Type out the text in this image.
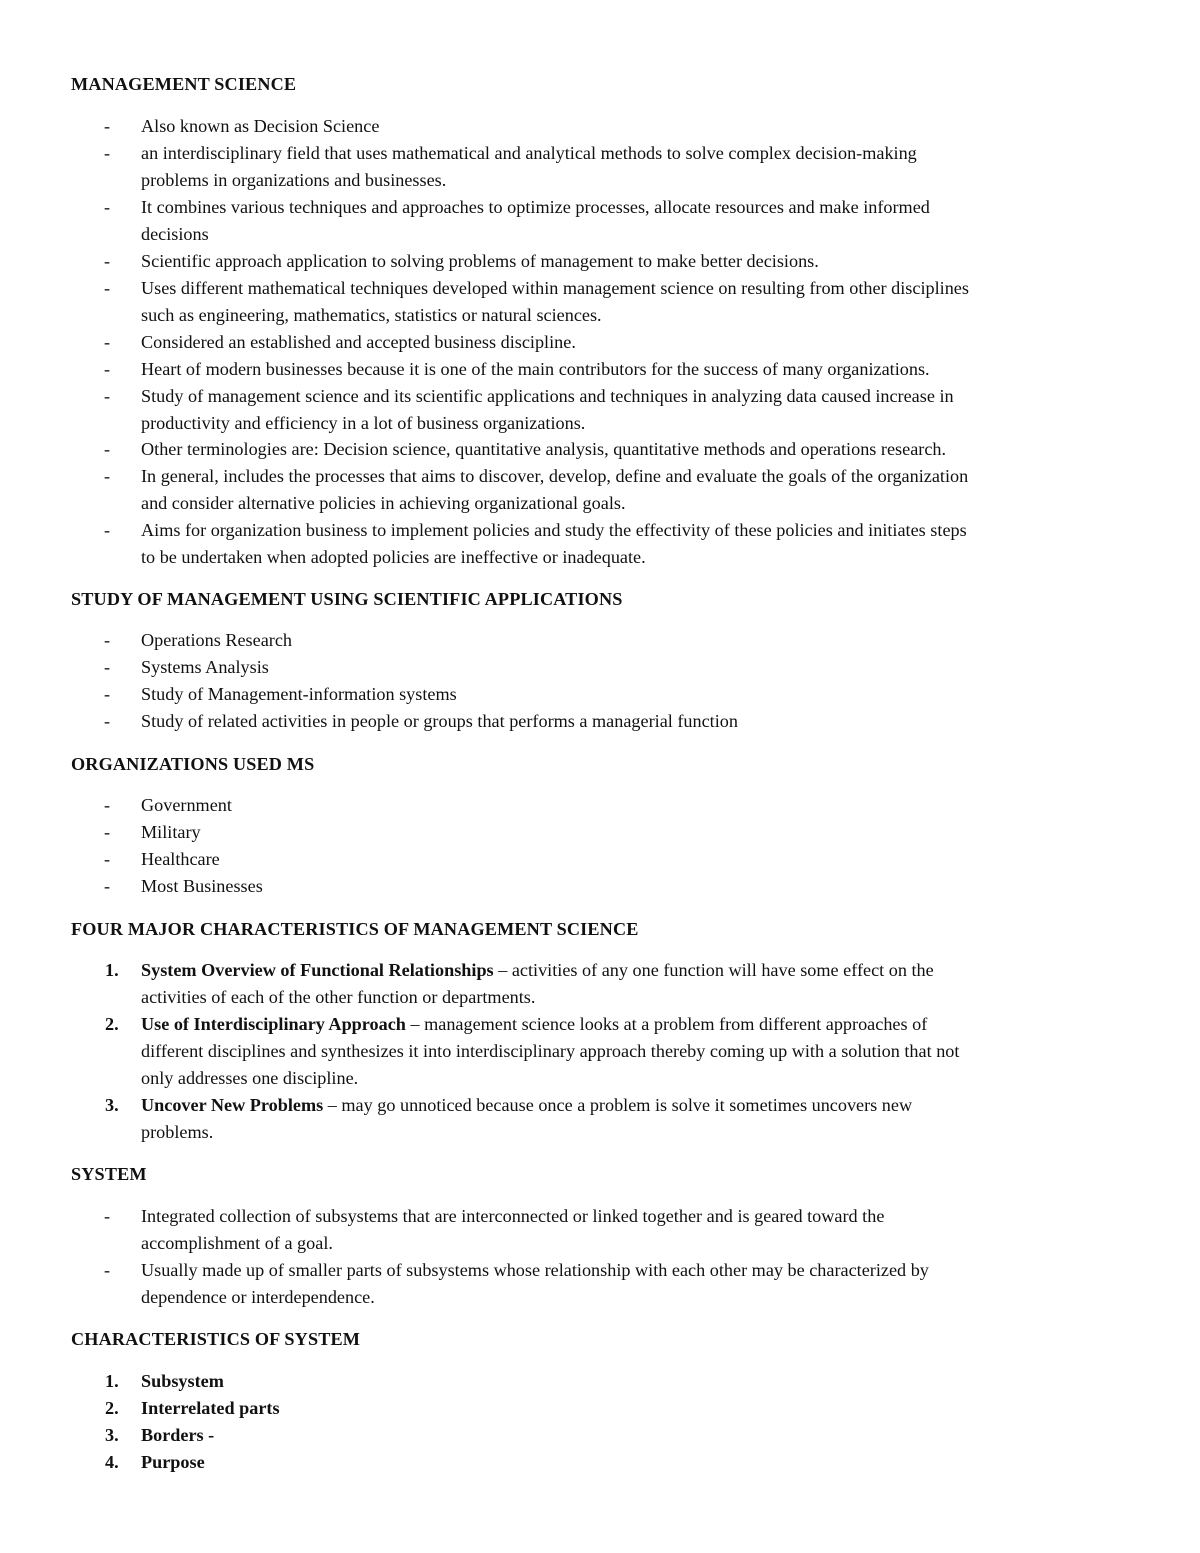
MANAGEMENT SCIENCE
- Also known as Decision Science
- an interdisciplinary field that uses mathematical and analytical methods to solve complex decision-making
problems in organizations and businesses.
- It combines various techniques and approaches to optimize processes, allocate resources and make informed
decisions
- Scientific approach application to solving problems of management to make better decisions.
- Uses different mathematical techniques developed within management science on resulting from other disciplines
such as engineering, mathematics, statistics or natural sciences.
- Considered an established and accepted business discipline.
- Heart of modern businesses because it is one of the main contributors for the success of many organizations.
- Study of management science and its scientific applications and techniques in analyzing data caused increase in
productivity and efficiency in a lot of business organizations.
- Other terminologies are: Decision science, quantitative analysis, quantitative methods and operations research.
- In general, includes the processes that aims to discover, develop, define and evaluate the goals of the organization
and consider alternative policies in achieving organizational goals.
- Aims for organization business to implement policies and study the effectivity of these policies and initiates steps
to be undertaken when adopted policies are ineffective or inadequate.
STUDY OF MANAGEMENT USING SCIENTIFIC APPLICATIONS
- Operations Research
- Systems Analysis
- Study of Management-information systems
- Study of related activities in people or groups that performs a managerial function
ORGANIZATIONS USED MS
- Government
- Military
- Healthcare
- Most Businesses
FOUR MAJOR CHARACTERISTICS OF MANAGEMENT SCIENCE
1. System Overview of Functional Relationships – activities of any one function will have some effect on the
activities of each of the other function or departments.
2. Use of Interdisciplinary Approach – management science looks at a problem from different approaches of
different disciplines and synthesizes it into interdisciplinary approach thereby coming up with a solution that not
only addresses one discipline.
3. Uncover New Problems – may go unnoticed because once a problem is solve it sometimes uncovers new
problems.
SYSTEM
- Integrated collection of subsystems that are interconnected or linked together and is geared toward the
accomplishment of a goal.
- Usually made up of smaller parts of subsystems whose relationship with each other may be characterized by
dependence or interdependence.
CHARACTERISTICS OF SYSTEM
1. Subsystem
2. Interrelated parts
3. Borders -
4. Purpose
